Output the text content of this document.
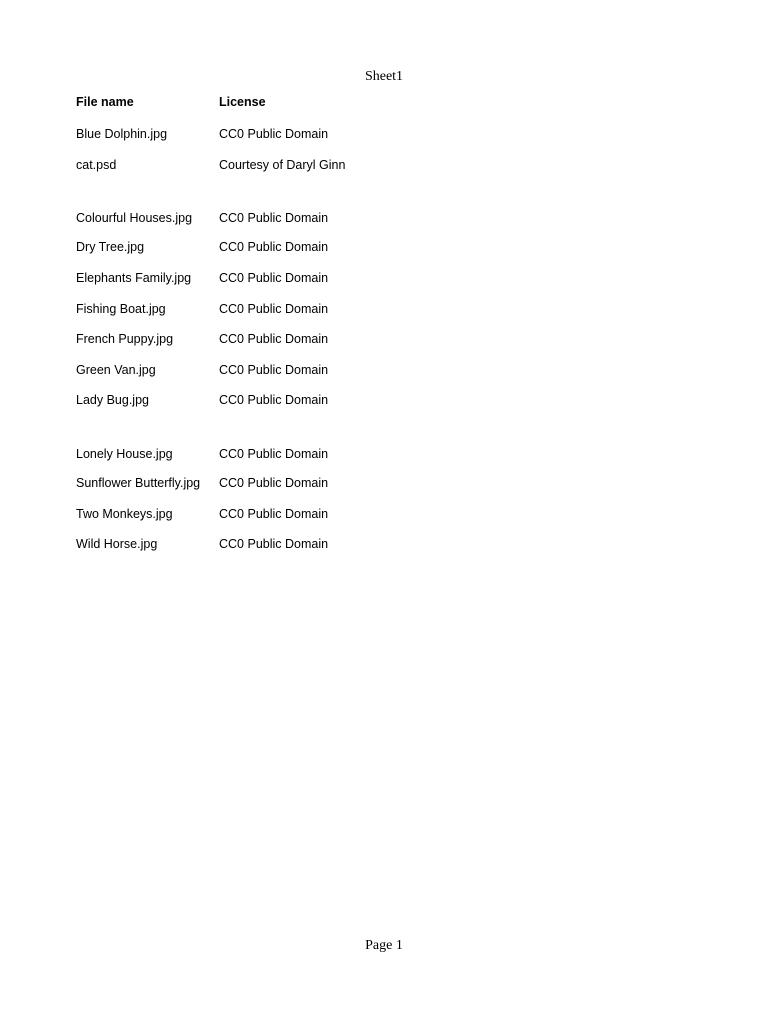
Sheet1
File name	License
Blue Dolphin.jpg	CC0 Public Domain
cat.psd	Courtesy of Daryl Ginn
Colourful Houses.jpg	CC0 Public Domain
Dry Tree.jpg	CC0 Public Domain
Elephants Family.jpg	CC0 Public Domain
Fishing Boat.jpg	CC0 Public Domain
French Puppy.jpg	CC0 Public Domain
Green Van.jpg	CC0 Public Domain
Lady Bug.jpg	CC0 Public Domain
Lonely House.jpg	CC0 Public Domain
Sunflower Butterfly.jpg	CC0 Public Domain
Two Monkeys.jpg	CC0 Public Domain
Wild Horse.jpg	CC0 Public Domain
Page 1
